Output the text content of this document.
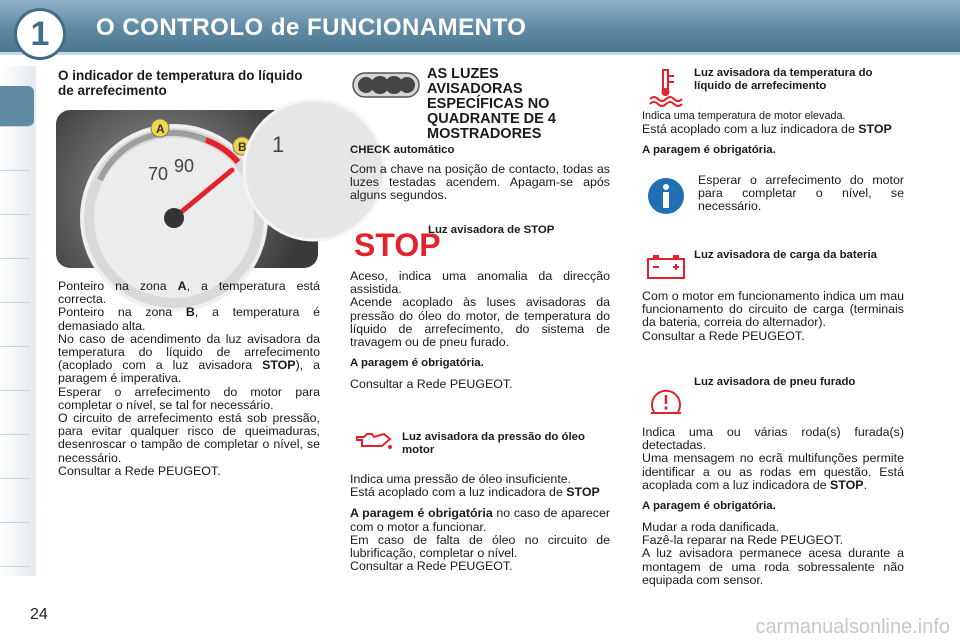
1	O CONTROLO de FUNCIONAMENTO
O indicador de temperatura do líquido de arrefecimento
70 90
A
B 1

Ponteiro na zona A, a temperatura está correcta.

Ponteiro na zona B, a temperatura é demasiado alta.

No caso de acendimento da luz avisadora da temperatura do líquido de arrefecimento (acoplado com a luz avisadora STOP), a paragem é imperativa.

Esperar o arrefecimento do motor para completar o nível, se tal for necessário.

O circuito de arrefecimento está sob pressão, para evitar qualquer risco de queimaduras, desenroscar o tampão de completar o nível, se necessário.

Consultar a Rede PEUGEOT.

AS LUZES AVISADORAS ESPECÍFICAS NO QUADRANTE DE 4 MOSTRADORES

CHECK automático

Com a chave na posição de contacto, todas as luzes testadas acendem. Apagam-se após alguns segundos.

STOP
Luz avisadora de STOP

Aceso, indica uma anomalia da direcção assistida.

Acende acoplado às luses avisadoras da pressão do óleo do motor, de temperatura do líquido de arrefecimento, do sistema de travagem ou de pneu furado.

A paragem é obrigatória.

Consultar a Rede PEUGEOT.

Luz avisadora da pressão do óleo motor

Indica uma pressão de óleo insuficiente.

Está acoplado com a luz indicadora de STOP

A paragem é obrigatória no caso de aparecer com o motor a funcionar.

Em caso de falta de óleo no circuito de lubrificação, completar o nível.

Consultar a Rede PEUGEOT.

Luz avisadora da temperatura do líquido de arrefecimento

Indica uma temperatura de motor elevada.

Está acoplado com a luz indicadora de STOP

A paragem é obrigatória.

Esperar o arrefecimento do motor para completar o nível, se necessário.

Luz avisadora de carga da bateria

Com o motor em funcionamento indica um mau funcionamento do circuito de carga (terminais da bateria, correia do alternador).

Consultar a Rede PEUGEOT.

Luz avisadora de pneu furado

Indica uma ou várias roda(s) furada(s) detectadas.

Uma mensagem no ecrã multifunções permite identificar a ou as rodas em questão. Está acoplada com a luz indicadora de STOP.

A paragem é obrigatória.

Mudar a roda danificada.

Fazê-la reparar na Rede PEUGEOT.

A luz avisadora permanece acesa durante a montagem de uma roda sobressalente não equipada com sensor.

24
carmanualsonline.info
